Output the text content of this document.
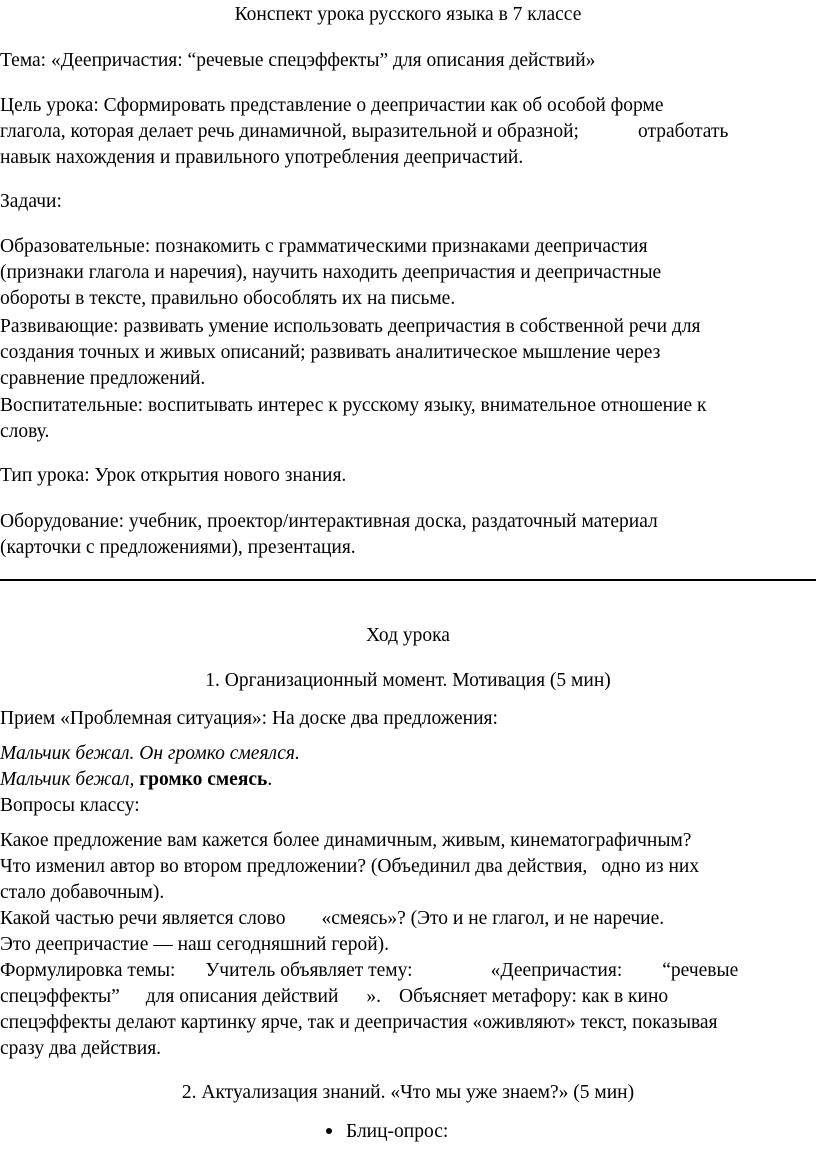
Конспект урока русского языка в 7 классе

Тема: «Деепричастия: “речевые спецэффекты” для описания действий»

Цель урока: Сформировать представление о деепричастии как об особой форме

глагола, которая делает речь динамичной, выразительной и образной;	отработать

навык нахождения и правильного употребления деепричастий.

Задачи:

Образовательные: познакомить с грамматическими признаками деепричастия

(признаки глагола и наречия), научить находить деепричастия и деепричастные

обороты в тексте, правильно обособлять их на письме.

Развивающие: развивать умение использовать деепричастия в собственной речи для

создания точных и живых описаний; развивать аналитическое мышление через

сравнение предложений.

Воспитательные: воспитывать интерес к русскому языку, внимательное отношение к

слову.

Тип урока: Урок открытия нового знания.

Оборудование: учебник, проектор/интерактивная доска, раздаточный материал

(карточки с предложениями), презентация.

Ход урока

1. Организационный момент. Мотивация (5 мин)

Прием «Проблемная ситуация»: На доске два предложения:

Мальчик бежал. Он громко смеялся.

Мальчик бежал, громко смеясь.

Вопросы классу:

Какое предложение вам кажется более динамичным, живым, кинематографичным?

Что изменил автор во втором предложении? (Объединил два действия, одно из них

стало добавочным).

Какой частью речи является слово «смеясь»? (Это и не глагол, и не наречие.

Это деепричастие — наш сегодняшний герой).

Формулировка темы: Учитель объявляет тему:	«Деепричастия: “речевые

спецэффекты” для описания действий ». Объясняет метафору: как в кино

спецэффекты делают картинку ярче, так и деепричастия «оживляют» текст, показывая

сразу два действия.

2. Актуализация знаний. «Что мы уже знаем?» (5 мин)

Блиц-опрос:
